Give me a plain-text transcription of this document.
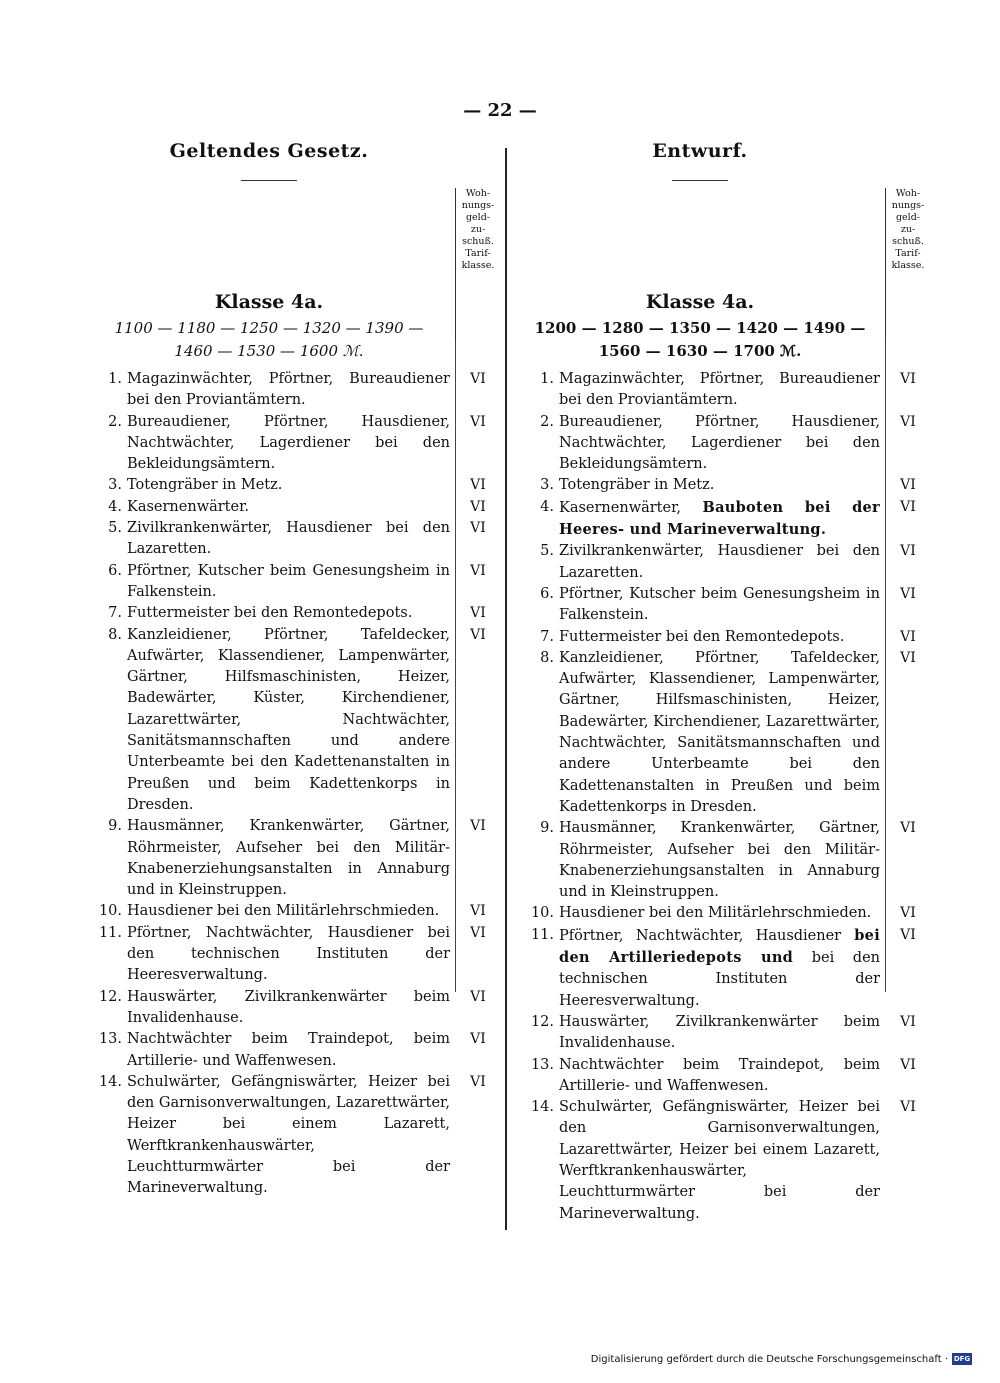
— 22 —
Geltendes Gesetz.
Woh-
nungs-
geld-
zu-
schuß.
Tarif-
klasse.
Klasse 4a.
1100 — 1180 — 1250 — 1320 — 1390 —
1460 — 1530 — 1600 ℳ.
1. Magazinwächter, Pförtner, Bureaudiener bei den Proviantämtern.
VI
2. Bureaudiener, Pförtner, Hausdiener, Nachtwächter, Lagerdiener bei den Bekleidungsämtern.
VI
3. Totengräber in Metz.	VI
4. Kasernenwärter.	VI
5. Zivilkrankenwärter, Hausdiener bei den Lazaretten.
VI
6. Pförtner, Kutscher beim Genesungsheim in Falkenstein.
VI
7. Futtermeister bei den Remontedepots.	VI
8. Kanzleidiener, Pförtner, Tafeldecker, Aufwärter, Klassendiener, Lampenwärter, Gärtner, Hilfsmaschinisten, Heizer, Badewärter, Küster, Kirchendiener, Lazarettwärter, Nachtwächter, Sanitätsmannschaften und andere Unterbeamte bei den Kadettenanstalten in Preußen und beim Kadettenkorps in Dresden.
VI
9. Hausmänner, Krankenwärter, Gärtner, Röhrmeister, Aufseher bei den Militär-Knabenerziehungsanstalten in Annaburg und in Kleinstruppen.
VI
10. Hausdiener bei den Militärlehrschmieden.	VI
11. Pförtner, Nachtwächter, Hausdiener bei den technischen Instituten der Heeresverwaltung.
VI
12. Hauswärter, Zivilkrankenwärter beim Invalidenhause.
VI
13. Nachtwächter beim Traindepot, beim Artillerie- und Waffenwesen.
VI
14. Schulwärter, Gefängniswärter, Heizer bei den Garnisonverwaltungen, Lazarettwärter, Heizer bei einem Lazarett, Werftkrankenhauswärter, Leuchtturmwärter bei der Marineverwaltung.
VI
Entwurf.
Woh-
nungs-
geld-
zu-
schuß.
Tarif-
klasse.
Klasse 4a.
1200 — 1280 — 1350 — 1420 — 1490 —
1560 — 1630 — 1700 ℳ.
1. Magazinwächter, Pförtner, Bureaudiener bei den Proviantämtern.
VI
2. Bureaudiener, Pförtner, Hausdiener, Nachtwächter, Lagerdiener bei den Bekleidungsämtern.
VI
3. Totengräber in Metz.	VI
4. Kasernenwärter, Bauboten bei der Heeres- und Marineverwaltung.
VI
5. Zivilkrankenwärter, Hausdiener bei den Lazaretten.
VI
6. Pförtner, Kutscher beim Genesungsheim in Falkenstein.
VI
7. Futtermeister bei den Remontedepots.	VI
8. Kanzleidiener, Pförtner, Tafeldecker, Aufwärter, Klassendiener, Lampenwärter, Gärtner, Hilfsmaschinisten, Heizer, Badewärter, Kirchendiener, Lazarettwärter, Nachtwächter, Sanitätsmannschaften und andere Unterbeamte bei den Kadettenanstalten in Preußen und beim Kadettenkorps in Dresden.
VI
9. Hausmänner, Krankenwärter, Gärtner, Röhrmeister, Aufseher bei den Militär-Knabenerziehungsanstalten in Annaburg und in Kleinstruppen.
VI
10. Hausdiener bei den Militärlehrschmieden.	VI
11. Pförtner, Nachtwächter, Hausdiener bei den Artilleriedepots und bei den technischen Instituten der Heeresverwaltung.
VI
12. Hauswärter, Zivilkrankenwärter beim Invalidenhause.
VI
13. Nachtwächter beim Traindepot, beim Artillerie- und Waffenwesen.
VI
14. Schulwärter, Gefängniswärter, Heizer bei den Garnisonverwaltungen, Lazarettwärter, Heizer bei einem Lazarett, Werftkrankenhauswärter, Leuchtturmwärter bei der Marineverwaltung.
VI
Digitalisierung gefördert durch die Deutsche Forschungsgemeinschaft · DFG
